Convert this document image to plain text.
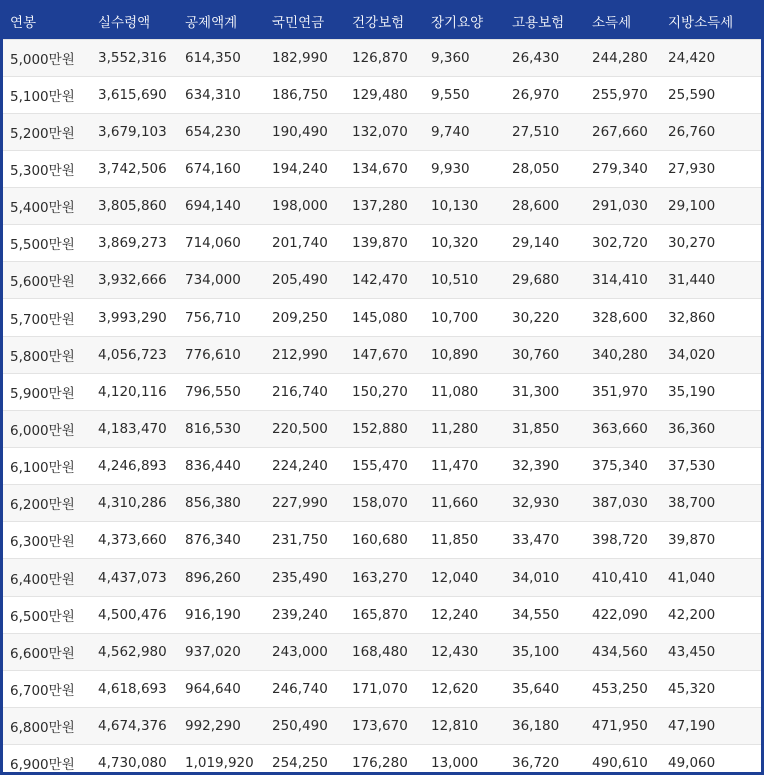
연봉	실수령액	공제액계	국민연금	건강보험	장기요양	고용보험	소득세	지방소득세
5,000만원	3,552,316	614,350	182,990	126,870	9,360	26,430	244,280	24,420
5,100만원	3,615,690	634,310	186,750	129,480	9,550	26,970	255,970	25,590
5,200만원	3,679,103	654,230	190,490	132,070	9,740	27,510	267,660	26,760
5,300만원	3,742,506	674,160	194,240	134,670	9,930	28,050	279,340	27,930
5,400만원	3,805,860	694,140	198,000	137,280	10,130	28,600	291,030	29,100
5,500만원	3,869,273	714,060	201,740	139,870	10,320	29,140	302,720	30,270
5,600만원	3,932,666	734,000	205,490	142,470	10,510	29,680	314,410	31,440
5,700만원	3,993,290	756,710	209,250	145,080	10,700	30,220	328,600	32,860
5,800만원	4,056,723	776,610	212,990	147,670	10,890	30,760	340,280	34,020
5,900만원	4,120,116	796,550	216,740	150,270	11,080	31,300	351,970	35,190
6,000만원	4,183,470	816,530	220,500	152,880	11,280	31,850	363,660	36,360
6,100만원	4,246,893	836,440	224,240	155,470	11,470	32,390	375,340	37,530
6,200만원	4,310,286	856,380	227,990	158,070	11,660	32,930	387,030	38,700
6,300만원	4,373,660	876,340	231,750	160,680	11,850	33,470	398,720	39,870
6,400만원	4,437,073	896,260	235,490	163,270	12,040	34,010	410,410	41,040
6,500만원	4,500,476	916,190	239,240	165,870	12,240	34,550	422,090	42,200
6,600만원	4,562,980	937,020	243,000	168,480	12,430	35,100	434,560	43,450
6,700만원	4,618,693	964,640	246,740	171,070	12,620	35,640	453,250	45,320
6,800만원	4,674,376	992,290	250,490	173,670	12,810	36,180	471,950	47,190
6,900만원	4,730,080	1,019,920	254,250	176,280	13,000	36,720	490,610	49,060
